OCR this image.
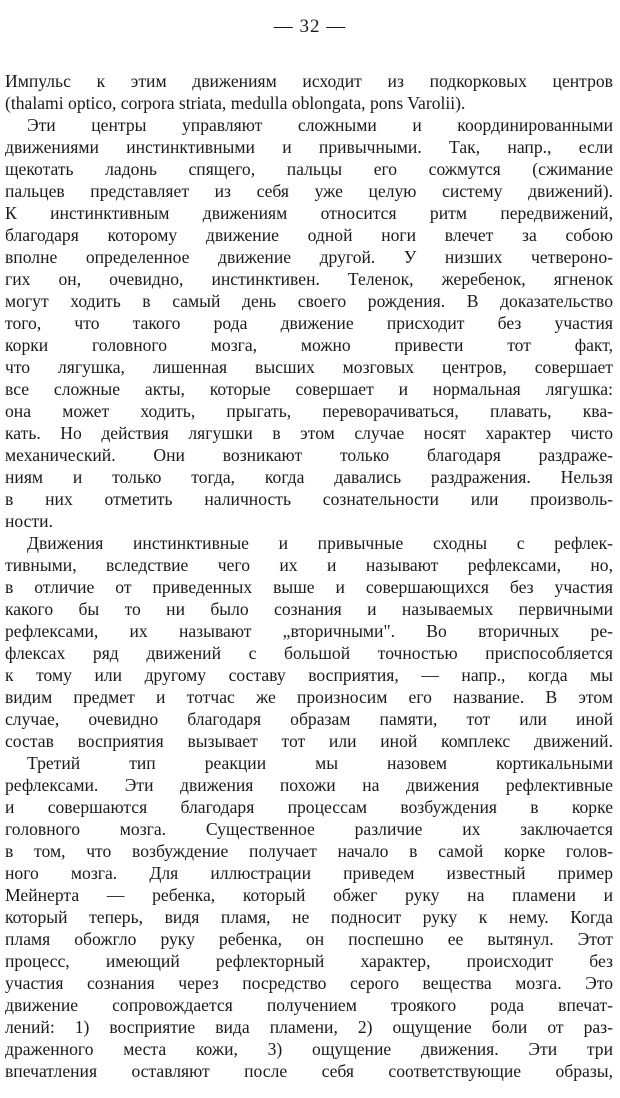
— 32 —
Импульс к этим движениям исходит из подкорковых центров
(thalami optico, corpora striata, medulla oblongata, pons Varolii).
Эти центры управляют сложными и координированными
движениями инстинктивными и привычными. Так, напр., если
щекотать ладонь спящего, пальцы его сожмутся (сжимание
пальцев представляет из себя уже целую систему движений).
К инстинктивным движениям относится ритм передвижений,
благодаря которому движение одной ноги влечет за собою
вполне определенное движение другой. У низших четвероно-
гих он, очевидно, инстинктивен. Теленок, жеребенок, ягненок
могут ходить в самый день своего рождения. В доказательство
того, что такого рода движение присходит без участия
корки головного мозга, можно привести тот факт,
что лягушка, лишенная высших мозговых центров, совершает
все сложные акты, которые совершает и нормальная лягушка:
она может ходить, прыгать, переворачиваться, плавать, ква-
кать. Но действия лягушки в этом случае носят характер чисто
механический. Они возникают только благодаря раздраже-
ниям и только тогда, когда давались раздражения. Нельзя
в них отметить наличность сознательности или произволь-
ности.
Движения инстинктивные и привычные сходны с рефлек-
тивными, вследствие чего их и называют рефлексами, но,
в отличие от приведенных выше и совершающихся без участия
какого бы то ни было сознания и называемых первичными
рефлексами, их называют „вторичными". Во вторичных ре-
флексах ряд движений с большой точностью приспособляется
к тому или другому составу восприятия, — напр., когда мы
видим предмет и тотчас же произносим его название. В этом
случае, очевидно благодаря образам памяти, тот или иной
состав восприятия вызывает тот или иной комплекс движений.
Третий тип реакции мы назовем кортикальными
рефлексами. Эти движения похожи на движения рефлективные
и совершаются благодаря процессам возбуждения в корке
головного мозга. Существенное различие их заключается
в том, что возбуждение получает начало в самой корке голов-
ного мозга. Для иллюстрации приведем известный пример
Мейнерта — ребенка, который обжег руку на пламени и
который теперь, видя пламя, не подносит руку к нему. Когда
пламя обожгло руку ребенка, он поспешно ее вытянул. Этот
процесс, имеющий рефлекторный характер, происходит без
участия сознания через посредство серого вещества мозга. Это
движение сопровождается получением троякого рода впечат-
лений: 1) восприятие вида пламени, 2) ощущение боли от раз-
драженного места кожи, 3) ощущение движения. Эти три
впечатления оставляют после себя соответствующие образы,
